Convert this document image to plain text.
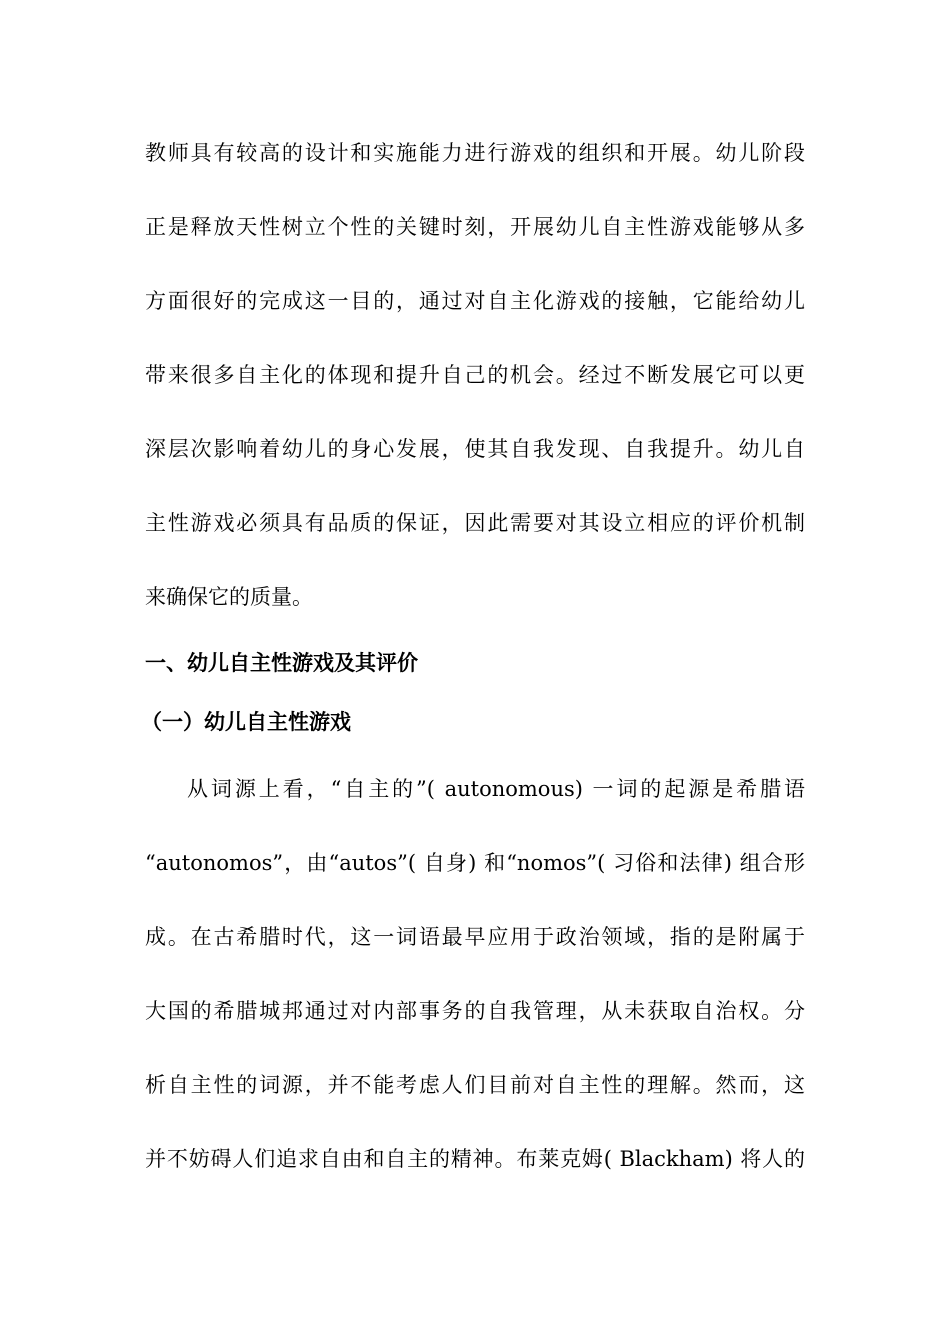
教师具有较高的设计和实施能力进行游戏的组织和开展。幼儿阶段
正是释放天性树立个性的关键时刻，开展幼儿自主性游戏能够从多
方面很好的完成这一目的，通过对自主化游戏的接触，它能给幼儿
带来很多自主化的体现和提升自己的机会。经过不断发展它可以更
深层次影响着幼儿的身心发展，使其自我发现、自我提升。幼儿自
主性游戏必须具有品质的保证，因此需要对其设立相应的评价机制
来确保它的质量。
一、幼儿自主性游戏及其评价
（一）幼儿自主性游戏
从词源上看，“自主的”( autonomous) 一词的起源是希腊语
“autonomos”，由“autos”( 自身) 和“nomos”( 习俗和法律) 组合形
成。在古希腊时代，这一词语最早应用于政治领域，指的是附属于
大国的希腊城邦通过对内部事务的自我管理，从未获取自治权。分
析自主性的词源，并不能考虑人们目前对自主性的理解。然而，这
并不妨碍人们追求自由和自主的精神。布莱克姆( Blackham) 将人的
